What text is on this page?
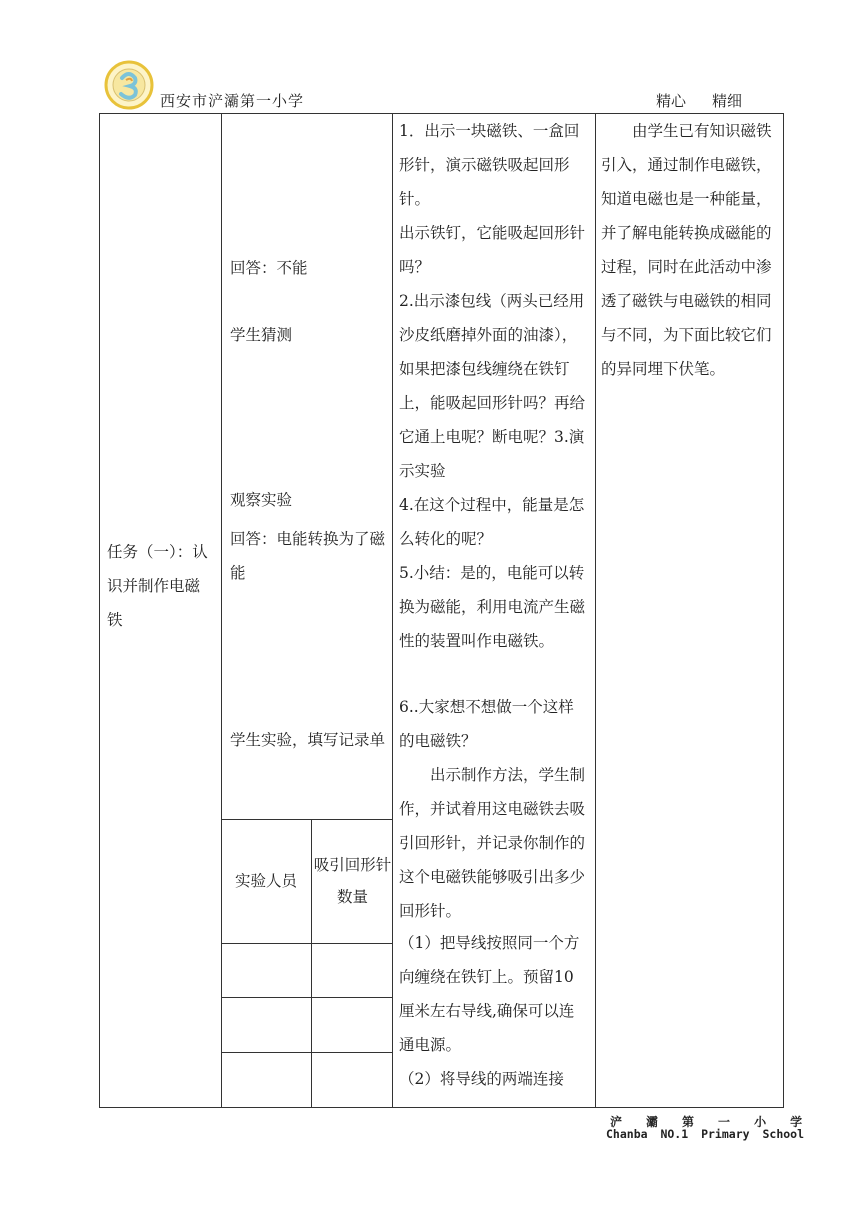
西安市浐灞第一小学	精心 精细
任务（一）：认识并制作电磁铁
回答：不能
学生猜测
观察实验
回答：电能转换为了磁能
学生实验，填写记录单
实验人员
吸引回形针数量
1．出示一块磁铁、一盒回形针，演示磁铁吸起回形针。
出示铁钉，它能吸起回形针吗？
2.出示漆包线（两头已经用沙皮纸磨掉外面的油漆），如果把漆包线缠绕在铁钉上，能吸起回形针吗？再给它通上电呢？断电呢？3.演示实验
4.在这个过程中，能量是怎么转化的呢？
5.小结：是的，电能可以转换为磁能，利用电流产生磁性的装置叫作电磁铁。
6..大家想不想做一个这样的电磁铁？
出示制作方法，学生制作，并试着用这电磁铁去吸引回形针，并记录你制作的这个电磁铁能够吸引出多少回形针。
（1）把导线按照同一个方向缠绕在铁钉上。预留10厘米左右导线,确保可以连通电源。
（2）将导线的两端连接
由学生已有知识磁铁引入，通过制作电磁铁，知道电磁也是一种能量，并了解电能转换成磁能的过程，同时在此活动中渗透了磁铁与电磁铁的相同与不同，为下面比较它们的异同埋下伏笔。
浐 灞 第 一 小 学
Chanba NO.1 Primary School
